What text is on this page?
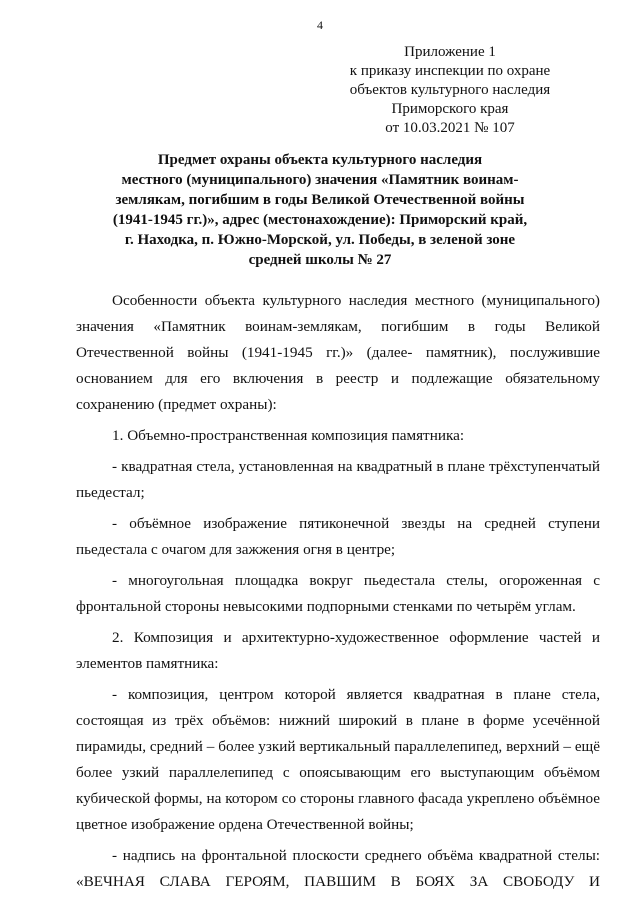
4
Приложение 1
к приказу инспекции по охране
объектов культурного наследия
Приморского края
от 10.03.2021 № 107
Предмет охраны объекта культурного наследия
местного (муниципального) значения «Памятник воинам-
землякам, погибшим в годы Великой Отечественной войны
(1941-1945 гг.)», адрес (местонахождение): Приморский край,
г. Находка, п. Южно-Морской, ул. Победы, в зеленой зоне
средней школы № 27

Особенности объекта культурного наследия местного (муниципального) значения «Памятник воинам-землякам, погибшим в годы Великой Отечественной войны (1941-1945 гг.)» (далее- памятник), послужившие основанием для его включения в реестр и подлежащие обязательному сохранению (предмет охраны):

1. Объемно-пространственная композиция памятника:

- квадратная стела, установленная на квадратный в плане трёхступенчатый пьедестал;

- объёмное изображение пятиконечной звезды на средней ступени пьедестала с очагом для зажжения огня в центре;

- многоугольная площадка вокруг пьедестала стелы, огороженная с фронтальной стороны невысокими подпорными стенками по четырём углам.

2. Композиция и архитектурно-художественное оформление частей и элементов памятника:

- композиция, центром которой является квадратная в плане стела, состоящая из трёх объёмов: нижний широкий в плане в форме усечённой пирамиды, средний – более узкий вертикальный параллелепипед, верхний – ещё более узкий параллелепипед с опоясывающим его выступающим объёмом кубической формы, на котором со стороны главного фасада укреплено объёмное цветное изображение ордена Отечественной войны;

- надпись на фронтальной плоскости среднего объёма квадратной стелы: «ВЕЧНАЯ СЛАВА ГЕРОЯМ, ПАВШИМ В БОЯХ ЗА СВОБОДУ И
